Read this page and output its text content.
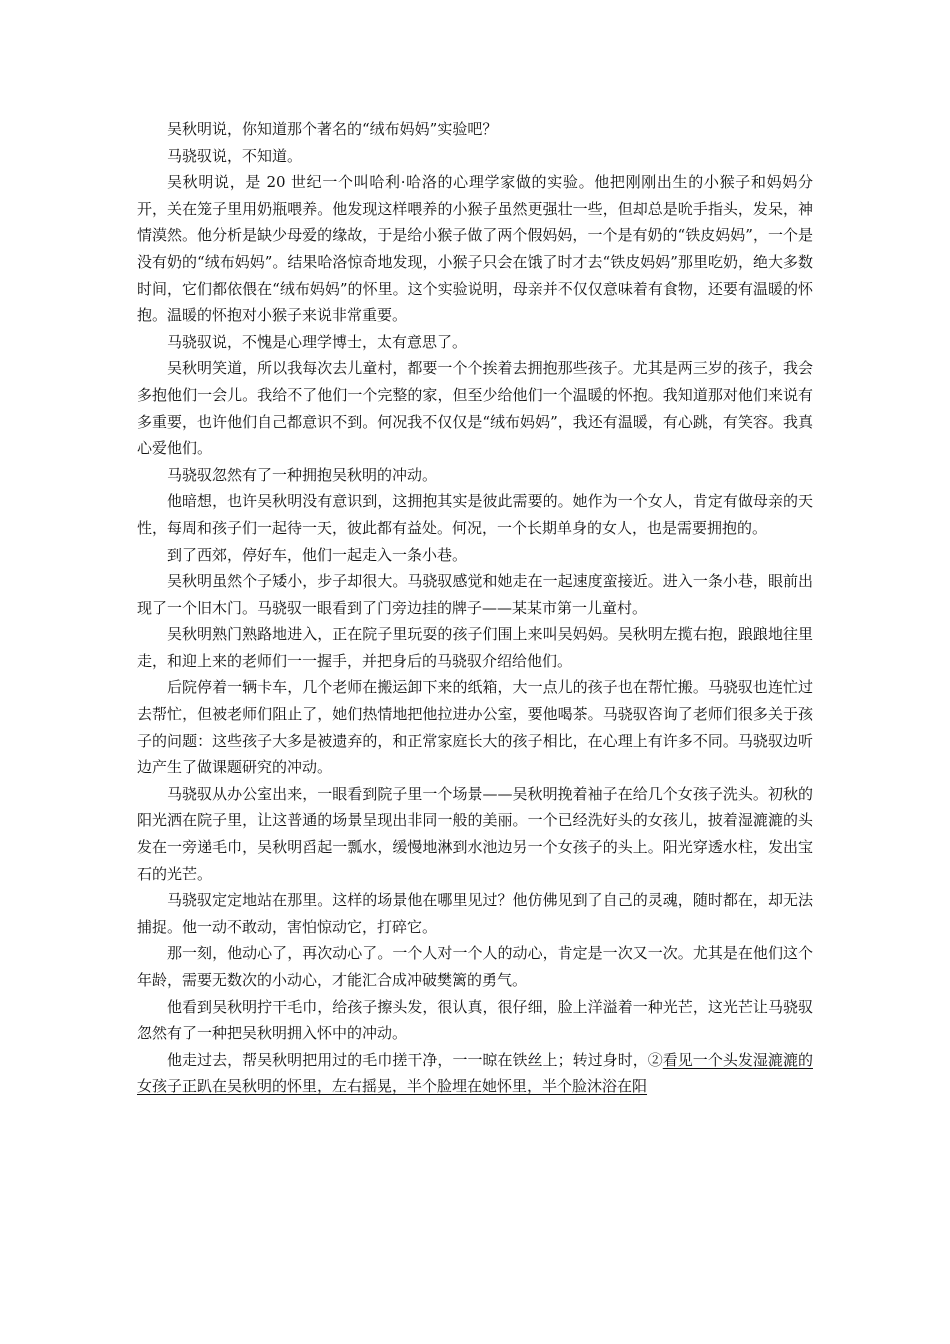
吴秋明说，你知道那个著名的“绒布妈妈”实验吧？

马骁驭说，不知道。

吴秋明说，是 20 世纪一个叫哈利·哈洛的心理学家做的实验。他把刚刚出生的小猴子和妈妈分开，关在笼子里用奶瓶喂养。他发现这样喂养的小猴子虽然更强壮一些，但却总是吮手指头，发呆，神情漠然。他分析是缺少母爱的缘故，于是给小猴子做了两个假妈妈，一个是有奶的“铁皮妈妈”，一个是没有奶的“绒布妈妈”。结果哈洛惊奇地发现，小猴子只会在饿了时才去“铁皮妈妈”那里吃奶，绝大多数时间，它们都依偎在“绒布妈妈”的怀里。这个实验说明，母亲并不仅仅意味着有食物，还要有温暖的怀抱。温暖的怀抱对小猴子来说非常重要。

马骁驭说，不愧是心理学博士，太有意思了。

吴秋明笑道，所以我每次去儿童村，都要一个个挨着去拥抱那些孩子。尤其是两三岁的孩子，我会多抱他们一会儿。我给不了他们一个完整的家，但至少给他们一个温暖的怀抱。我知道那对他们来说有多重要，也许他们自己都意识不到。何况我不仅仅是“绒布妈妈”，我还有温暖，有心跳，有笑容。我真心爱他们。

马骁驭忽然有了一种拥抱吴秋明的冲动。

他暗想，也许吴秋明没有意识到，这拥抱其实是彼此需要的。她作为一个女人，肯定有做母亲的天性，每周和孩子们一起待一天，彼此都有益处。何况，一个长期单身的女人，也是需要拥抱的。

到了西郊，停好车，他们一起走入一条小巷。

吴秋明虽然个子矮小，步子却很大。马骁驭感觉和她走在一起速度蛮接近。进入一条小巷，眼前出现了一个旧木门。马骁驭一眼看到了门旁边挂的牌子——某某市第一儿童村。

吴秋明熟门熟路地进入，正在院子里玩耍的孩子们围上来叫吴妈妈。吴秋明左揽右抱，踉踉地往里走，和迎上来的老师们一一握手，并把身后的马骁驭介绍给他们。

后院停着一辆卡车，几个老师在搬运卸下来的纸箱，大一点儿的孩子也在帮忙搬。马骁驭也连忙过去帮忙，但被老师们阻止了，她们热情地把他拉进办公室，要他喝茶。马骁驭咨询了老师们很多关于孩子的问题：这些孩子大多是被遗弃的，和正常家庭长大的孩子相比，在心理上有许多不同。马骁驭边听边产生了做课题研究的冲动。

马骁驭从办公室出来，一眼看到院子里一个场景——吴秋明挽着袖子在给几个女孩子洗头。初秋的阳光洒在院子里，让这普通的场景呈现出非同一般的美丽。一个已经洗好头的女孩儿，披着湿漉漉的头发在一旁递毛巾，吴秋明舀起一瓢水，缓慢地淋到水池边另一个女孩子的头上。阳光穿透水柱，发出宝石的光芒。

马骁驭定定地站在那里。这样的场景他在哪里见过？他仿佛见到了自己的灵魂，随时都在，却无法捕捉。他一动不敢动，害怕惊动它，打碎它。

那一刻，他动心了，再次动心了。一个人对一个人的动心，肯定是一次又一次。尤其是在他们这个年龄，需要无数次的小动心，才能汇合成冲破樊篱的勇气。

他看到吴秋明拧干毛巾，给孩子擦头发，很认真，很仔细，脸上洋溢着一种光芒，这光芒让马骁驭忽然有了一种把吴秋明拥入怀中的冲动。

他走过去，帮吴秋明把用过的毛巾搓干净，一一晾在铁丝上；转过身时，②看见一个头发湿漉漉的女孩子正趴在吴秋明的怀里，左右摇晃，半个脸埋在她怀里，半个脸沐浴在阳
